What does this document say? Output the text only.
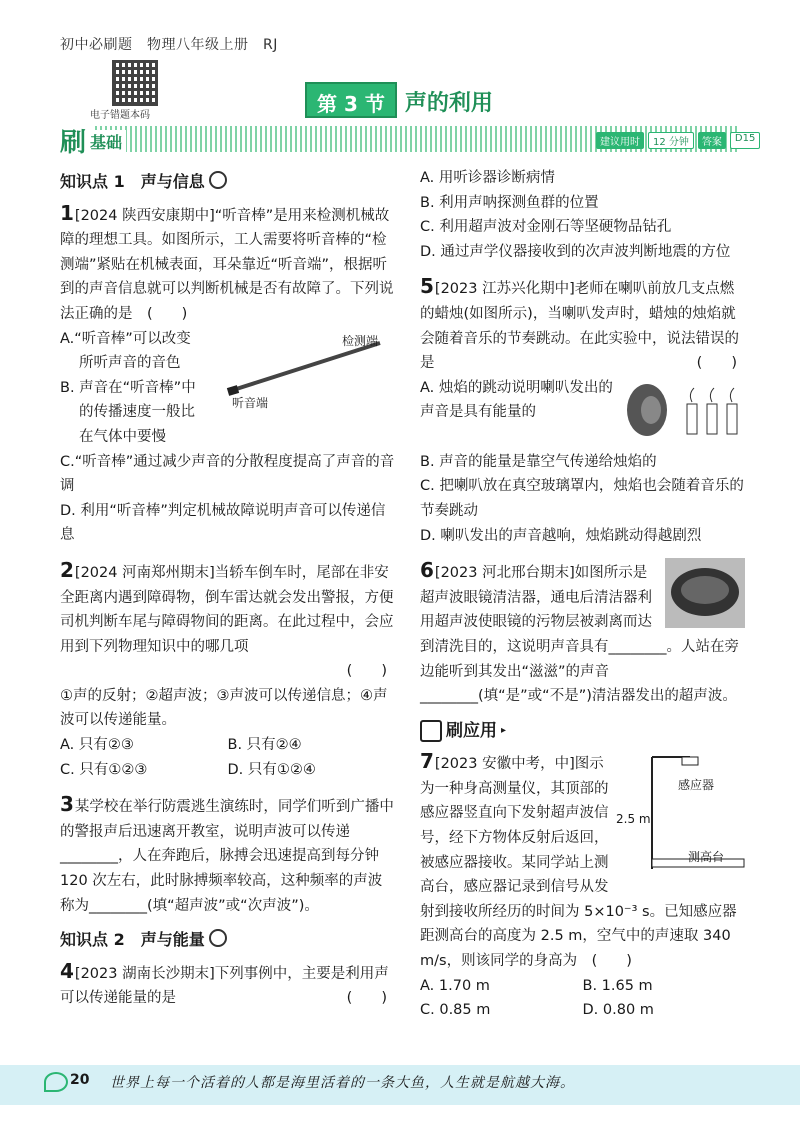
初中必刷题　物理八年级上册　RJ
电子错题本码	第 3 节 声的利用
刷 基础	建议用时	12 分钟	答案	D15
知识点 1　声与信息
1[2024 陕西安康期中]“听音棒”是用来检测机械故障的理想工具。如图所示，工人需要将听音棒的“检测端”紧贴在机械表面，耳朵靠近“听音端”，根据听到的声音信息就可以判断机械是否有故障了。下列说法正确的是　(　　)
检测端
听音端
A.“听音棒”可以改变
所听声音的音色
B. 声音在“听音棒”中
的传播速度一般比
在气体中要慢
C.“听音棒”通过减少声音的分散程度提高了声音的音调
D. 利用“听音棒”判定机械故障说明声音可以传递信息
2[2024 河南郑州期末]当轿车倒车时，尾部在非安全距离内遇到障碍物，倒车雷达就会发出警报，方便司机判断车尾与障碍物间的距离。在此过程中，会应用到下列物理知识中的哪几项
(　　)
①声的反射；②超声波；③声波可以传递信息；④声波可以传递能量。
A. 只有②③	B. 只有②④
C. 只有①②③	D. 只有①②④
3某学校在举行防震逃生演练时，同学们听到广播中的警报声后迅速离开教室，说明声波可以传递________，人在奔跑后，脉搏会迅速提高到每分钟 120 次左右，此时脉搏频率较高，这种频率的声波称为________(填“超声波”或“次声波”)。
知识点 2　声与能量
4[2023 湖南长沙期末]下列事例中，主要是利用声可以传递能量的是	(　　)
A. 用听诊器诊断病情
B. 利用声呐探测鱼群的位置
C. 利用超声波对金刚石等坚硬物品钻孔
D. 通过声学仪器接收到的次声波判断地震的方位
5[2023 江苏兴化期中]老师在喇叭前放几支点燃的蜡烛(如图所示)，当喇叭发声时，蜡烛的烛焰就会随着音乐的节奏跳动。在此实验中，说法错误的是	(　　)
A. 烛焰的跳动说明喇叭发出的声音是具有能量的
B. 声音的能量是靠空气传递给烛焰的
C. 把喇叭放在真空玻璃罩内，烛焰也会随着音乐的节奏跳动
D. 喇叭发出的声音越响，烛焰跳动得越剧烈
6[2023 河北邢台期末]如图所示是超声波眼镜清洁器，通电后清洁器利用超声波使眼镜的污物层被剥离而达到清洗目的，这说明声音具有________。人站在旁边能听到其发出“滋滋”的声音________(填“是”或“不是”)清洁器发出的超声波。
刷应用 ▸
感应器
2.5 m
测高台
7[2023 安徽中考，中]图示为一种身高测量仪，其顶部的感应器竖直向下发射超声波信号，经下方物体反射后返回，被感应器接收。某同学站上测高台，感应器记录到信号从发射到接收所经历的时间为 5×10⁻³ s。已知感应器距测高台的高度为 2.5 m，空气中的声速取 340 m/s，则该同学的身高为　(　　)
A. 1.70 m	B. 1.65 m
C. 0.85 m	D. 0.80 m
20 世界上每一个活着的人都是海里活着的一条大鱼，人生就是航越大海。
